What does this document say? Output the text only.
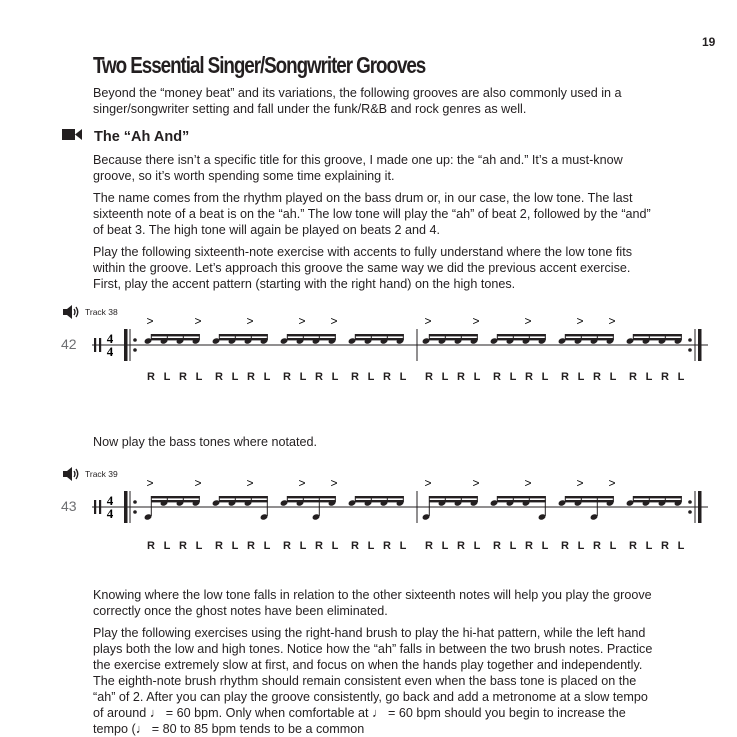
19
Two Essential Singer/Songwriter Grooves

Beyond the “money beat” and its variations, the following grooves are also commonly used in a singer/songwriter setting and fall under the funk/R&B and rock genres as well.

The “Ah And”

Because there isn’t a specific title for this groove, I made one up: the “ah and.” It’s a must-know groove, so it’s worth spending some time explaining it.

The name comes from the rhythm played on the bass drum or, in our case, the low tone. The last sixteenth note of a beat is on the “ah.” The low tone will play the “ah” of beat 2, followed by the “and” of beat 3. The high tone will again be played on beats 2 and 4.

Play the following sixteenth-note exercise with accents to fully understand where the low tone fits within the groove. Let’s approach this groove the same way we did the previous accent exercise. First, play the accent pattern (starting with the right hand) on the high tones.

Track 38
42 4
4
>	>	>	> >	>	>	>	> >
R L R L	R L R L	R L R L	R L R L	R L R L	R L R L	R L R L	R L R L

Now play the bass tones where notated.

Track 39
43 4
4
>	>	>	> >	>	>	>	> >
R L R L	R L R L	R L R L	R L R L	R L R L	R L R L	R L R L	R L R L

Knowing where the low tone falls in relation to the other sixteenth notes will help you play the groove correctly once the ghost notes have been eliminated.

Play the following exercises using the right-hand brush to play the hi-hat pattern, while the left hand plays both the low and high tones. Notice how the “ah” falls in between the two brush notes. Practice the exercise extremely slow at first, and focus on when the hands play together and independently. The eighth-note brush rhythm should remain consistent even when the bass tone is placed on the “ah” of 2. After you can play the groove consistently, go back and add a metronome at a slow tempo of around ♩ = 60 bpm. Only when comfortable at ♩ = 60 bpm should you begin to increase the tempo (♩ = 80 to 85 bpm tends to be a common
